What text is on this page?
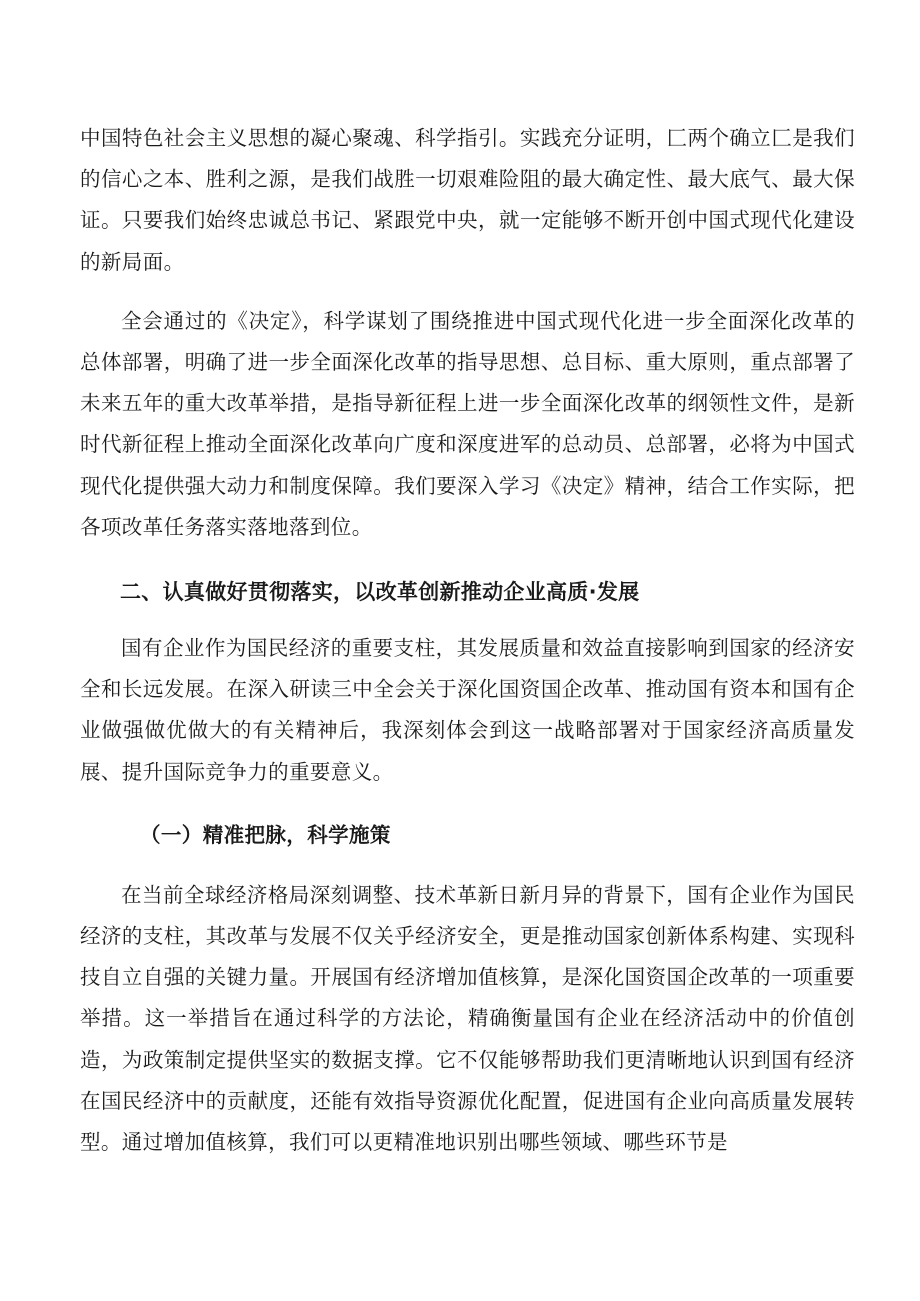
中国特色社会主义思想的凝心聚魂、科学指引。实践充分证明，匚两个确立匚是我们的信心之本、胜利之源，是我们战胜一切艰难险阻的最大确定性、最大底气、最大保证。只要我们始终忠诚总书记、紧跟党中央，就一定能够不断开创中国式现代化建设的新局面。

全会通过的《决定》，科学谋划了围绕推进中国式现代化进一步全面深化改革的总体部署，明确了进一步全面深化改革的指导思想、总目标、重大原则，重点部署了未来五年的重大改革举措，是指导新征程上进一步全面深化改革的纲领性文件，是新时代新征程上推动全面深化改革向广度和深度进军的总动员、总部署，必将为中国式现代化提供强大动力和制度保障。我们要深入学习《决定》精神，结合工作实际，把各项改革任务落实落地落到位。

二、认真做好贯彻落实，以改革创新推动企业高质·发展

国有企业作为国民经济的重要支柱，其发展质量和效益直接影响到国家的经济安全和长远发展。在深入研读三中全会关于深化国资国企改革、推动国有资本和国有企业做强做优做大的有关精神后，我深刻体会到这一战略部署对于国家经济高质量发展、提升国际竞争力的重要意义。

（一）精准把脉，科学施策

在当前全球经济格局深刻调整、技术革新日新月异的背景下，国有企业作为国民经济的支柱，其改革与发展不仅关乎经济安全，更是推动国家创新体系构建、实现科技自立自强的关键力量。开展国有经济增加值核算，是深化国资国企改革的一项重要举措。这一举措旨在通过科学的方法论，精确衡量国有企业在经济活动中的价值创造，为政策制定提供坚实的数据支撑。它不仅能够帮助我们更清晰地认识到国有经济在国民经济中的贡献度，还能有效指导资源优化配置，促进国有企业向高质量发展转型。通过增加值核算，我们可以更精准地识别出哪些领域、哪些环节是
